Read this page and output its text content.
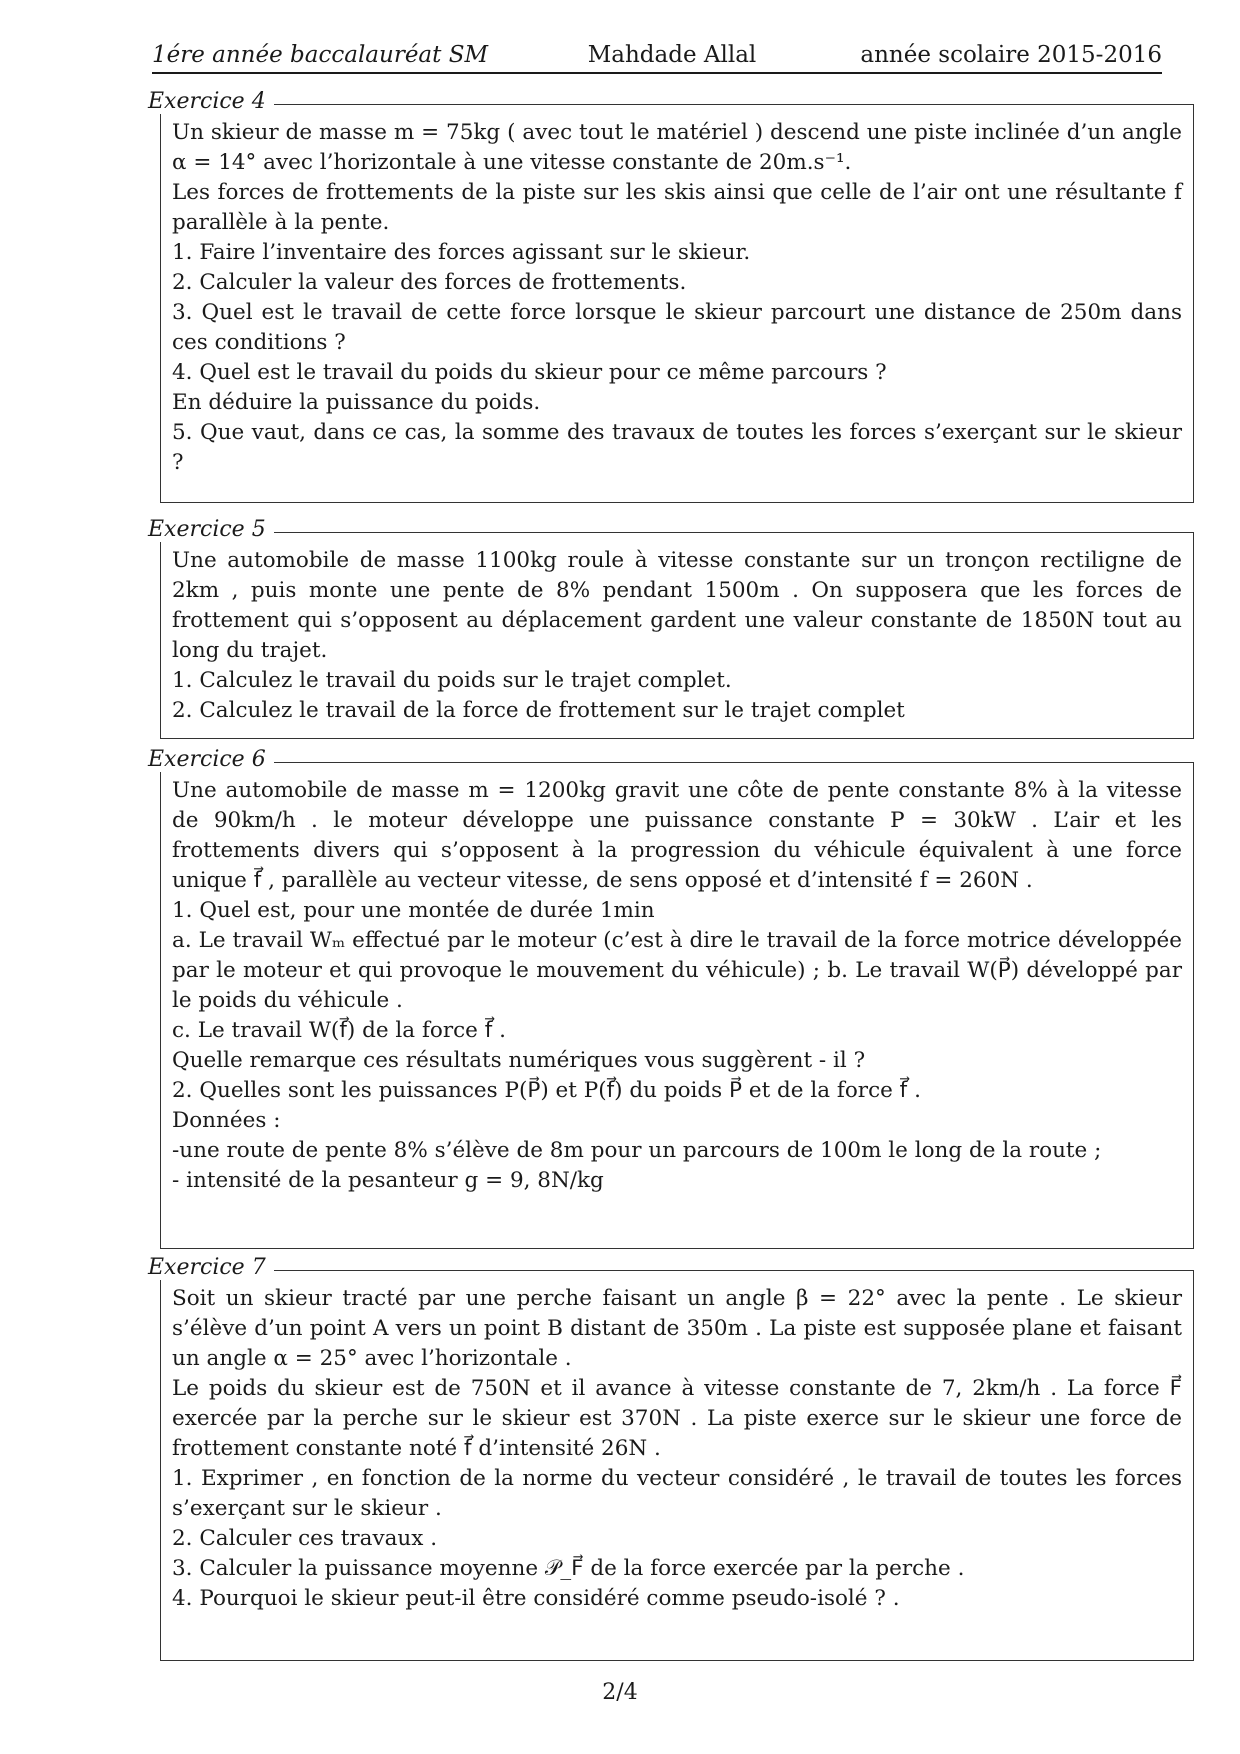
1ére année baccalauréat SM	Mahdade Allal	année scolaire 2015-2016
Exercice 4

Un skieur de masse m = 75kg ( avec tout le matériel ) descend une piste inclinée d’un angle α = 14° avec l’horizontale à une vitesse constante de 20m.s⁻¹.

Les forces de frottements de la piste sur les skis ainsi que celle de l’air ont une résultante f parallèle à la pente.

1. Faire l’inventaire des forces agissant sur le skieur.

2. Calculer la valeur des forces de frottements.

3. Quel est le travail de cette force lorsque le skieur parcourt une distance de 250m dans ces conditions ?

4. Quel est le travail du poids du skieur pour ce même parcours ?

En déduire la puissance du poids.

5. Que vaut, dans ce cas, la somme des travaux de toutes les forces s’exerçant sur le skieur ?

Exercice 5

Une automobile de masse 1100kg roule à vitesse constante sur un tronçon rectiligne de 2km , puis monte une pente de 8% pendant 1500m . On supposera que les forces de frottement qui s’opposent au déplacement gardent une valeur constante de 1850N tout au long du trajet.

1. Calculez le travail du poids sur le trajet complet.

2. Calculez le travail de la force de frottement sur le trajet complet

Exercice 6

Une automobile de masse m = 1200kg gravit une côte de pente constante 8% à la vitesse de 90km/h . le moteur développe une puissance constante P = 30kW . L’air et les frottements divers qui s’opposent à la progression du véhicule équivalent à une force unique f⃗ , parallèle au vecteur vitesse, de sens opposé et d’intensité f = 260N .

1. Quel est, pour une montée de durée 1min

a. Le travail Wₘ effectué par le moteur (c’est à dire le travail de la force motrice développée par le moteur et qui provoque le mouvement du véhicule) ; b. Le travail W(P⃗) développé par le poids du véhicule .

c. Le travail W(f⃗) de la force f⃗ .

Quelle remarque ces résultats numériques vous suggèrent - il ?

2. Quelles sont les puissances P(P⃗) et P(f⃗) du poids P⃗ et de la force f⃗ .

Données :

-une route de pente 8% s’élève de 8m pour un parcours de 100m le long de la route ;

- intensité de la pesanteur g = 9, 8N/kg

Exercice 7

Soit un skieur tracté par une perche faisant un angle β = 22° avec la pente . Le skieur s’élève d’un point A vers un point B distant de 350m . La piste est supposée plane et faisant un angle α = 25° avec l’horizontale .

Le poids du skieur est de 750N et il avance à vitesse constante de 7, 2km/h . La force F⃗ exercée par la perche sur le skieur est 370N . La piste exerce sur le skieur une force de frottement constante noté f⃗ d’intensité 26N .

1. Exprimer , en fonction de la norme du vecteur considéré , le travail de toutes les forces s’exerçant sur le skieur .

2. Calculer ces travaux .

3. Calculer la puissance moyenne 𝒫_F⃗ de la force exercée par la perche .

4. Pourquoi le skieur peut-il être considéré comme pseudo-isolé ? .

2/4
